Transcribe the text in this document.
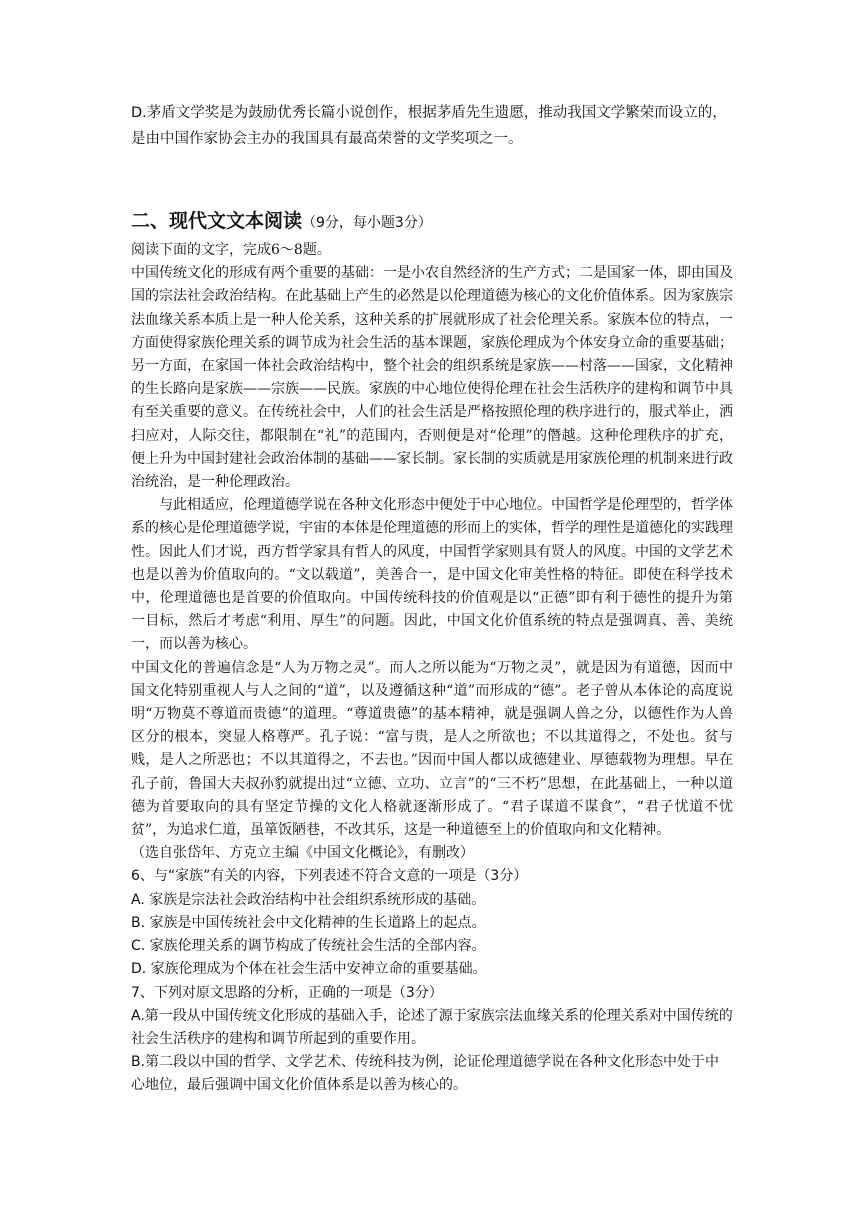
D.茅盾文学奖是为鼓励优秀长篇小说创作，根据茅盾先生遗愿，推动我国文学繁荣而设立的，是由中国作家协会主办的我国具有最高荣誉的文学奖项之一。

二、现代文文本阅读（9分，每小题3分）

阅读下面的文字，完成6～8题。

中国传统文化的形成有两个重要的基础：一是小农自然经济的生产方式；二是国家一体，即由国及国的宗法社会政治结构。在此基础上产生的必然是以伦理道德为核心的文化价值体系。因为家族宗法血缘关系本质上是一种人伦关系，这种关系的扩展就形成了社会伦理关系。家族本位的特点，一方面使得家族伦理关系的调节成为社会生活的基本课题，家族伦理成为个体安身立命的重要基础；另一方面，在家国一体社会政治结构中，整个社会的组织系统是家族——村落——国家，文化精神的生长路向是家族——宗族——民族。家族的中心地位使得伦理在社会生活秩序的建构和调节中具有至关重要的意义。在传统社会中，人们的社会生活是严格按照伦理的秩序进行的，服式举止，洒扫应对，人际交往，都限制在“礼”的范围内，否则便是对“伦理”的僭越。这种伦理秩序的扩充，便上升为中国封建社会政治体制的基础——家长制。家长制的实质就是用家族伦理的机制来进行政治统治，是一种伦理政治。

与此相适应，伦理道德学说在各种文化形态中便处于中心地位。中国哲学是伦理型的，哲学体系的核心是伦理道德学说，宇宙的本体是伦理道德的形而上的实体，哲学的理性是道德化的实践理性。因此人们才说，西方哲学家具有哲人的风度，中国哲学家则具有贤人的风度。中国的文学艺术也是以善为价值取向的。“文以载道”，美善合一，是中国文化审美性格的特征。即使在科学技术中，伦理道德也是首要的价值取向。中国传统科技的价值观是以“正德”即有利于德性的提升为第一目标，然后才考虑“利用、厚生”的问题。因此，中国文化价值系统的特点是强调真、善、美统一，而以善为核心。

中国文化的普遍信念是“人为万物之灵”。而人之所以能为“万物之灵”，就是因为有道德，因而中国文化特别重视人与人之间的“道”，以及遵循这种“道”而形成的“德”。老子曾从本体论的高度说明“万物莫不尊道而贵德”的道理。“尊道贵德”的基本精神，就是强调人兽之分，以德性作为人兽区分的根本，突显人格尊严。孔子说：“富与贵，是人之所欲也；不以其道得之，不处也。贫与贱，是人之所恶也；不以其道得之，不去也。”因而中国人都以成德建业、厚德载物为理想。早在孔子前，鲁国大夫叔孙豹就提出过“立德、立功、立言”的“三不朽”思想，在此基础上，一种以道德为首要取向的具有坚定节操的文化人格就逐渐形成了。“君子谋道不谋食”，“君子忧道不忧贫”，为追求仁道，虽箪饭陋巷，不改其乐，这是一种道德至上的价值取向和文化精神。

（选自张岱年、方克立主编《中国文化概论》，有删改）

6、与“家族”有关的内容，下列表述不符合文意的一项是（3分）

A. 家族是宗法社会政治结构中社会组织系统形成的基础。

B. 家族是中国传统社会中文化精神的生长道路上的起点。

C. 家族伦理关系的调节构成了传统社会生活的全部内容。

D. 家族伦理成为个体在社会生活中安神立命的重要基础。

7、下列对原文思路的分析，正确的一项是（3分）

A.第一段从中国传统文化形成的基础入手，论述了源于家族宗法血缘关系的伦理关系对中国传统的社会生活秩序的建构和调节所起到的重要作用。

B.第二段以中国的哲学、文学艺术、传统科技为例，论证伦理道德学说在各种文化形态中处于中心地位，最后强调中国文化价值体系是以善为核心的。
